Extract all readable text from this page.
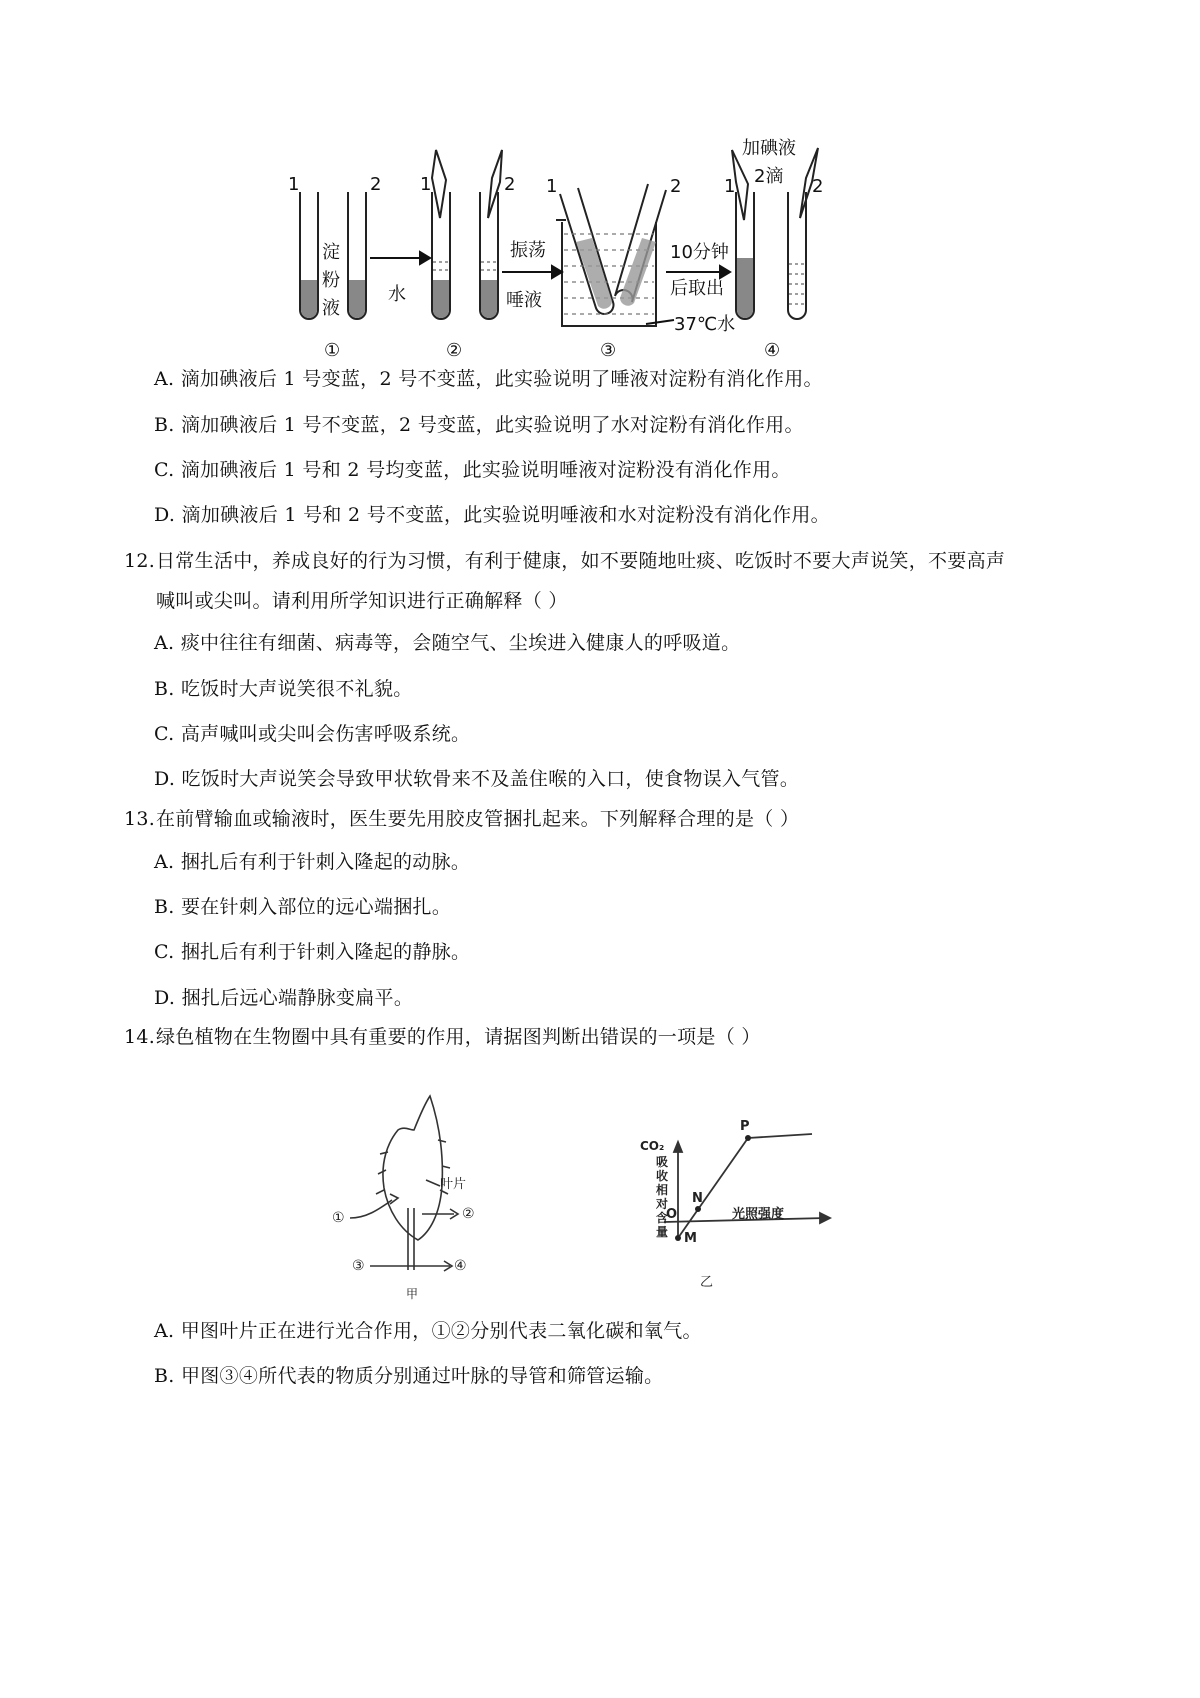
1	2 1	2 1	2 1	2
淀
粉
液
水	唾液
振荡	10分钟
后取出
37℃水
加碘液
2滴
①	②	③	④
A. 滴加碘液后 1 号变蓝，2 号不变蓝，此实验说明了唾液对淀粉有消化作用。
B. 滴加碘液后 1 号不变蓝，2 号变蓝，此实验说明了水对淀粉有消化作用。
C. 滴加碘液后 1 号和 2 号均变蓝，此实验说明唾液对淀粉没有消化作用。
D. 滴加碘液后 1 号和 2 号不变蓝，此实验说明唾液和水对淀粉没有消化作用。
12.日常生活中，养成良好的行为习惯，有利于健康，如不要随地吐痰、吃饭时不要大声说笑，不要高声
喊叫或尖叫。请利用所学知识进行正确解释（ ）
A. 痰中往往有细菌、病毒等，会随空气、尘埃进入健康人的呼吸道。
B. 吃饭时大声说笑很不礼貌。
C. 高声喊叫或尖叫会伤害呼吸系统。
D. 吃饭时大声说笑会导致甲状软骨来不及盖住喉的入口，使食物误入气管。
13.在前臂输血或输液时，医生要先用胶皮管捆扎起来。下列解释合理的是（ ）
A. 捆扎后有利于针刺入隆起的动脉。
B. 要在针刺入部位的远心端捆扎。
C. 捆扎后有利于针刺入隆起的静脉。
D. 捆扎后远心端静脉变扁平。
14.绿色植物在生物圈中具有重要的作用，请据图判断出错误的一项是（ ）
①	②
③	④
叶片
甲
CO₂
吸
收
相
对
含
量
光照强度
O
N
M
P
乙
A. 甲图叶片正在进行光合作用，①②分别代表二氧化碳和氧气。
B. 甲图③④所代表的物质分别通过叶脉的导管和筛管运输。
